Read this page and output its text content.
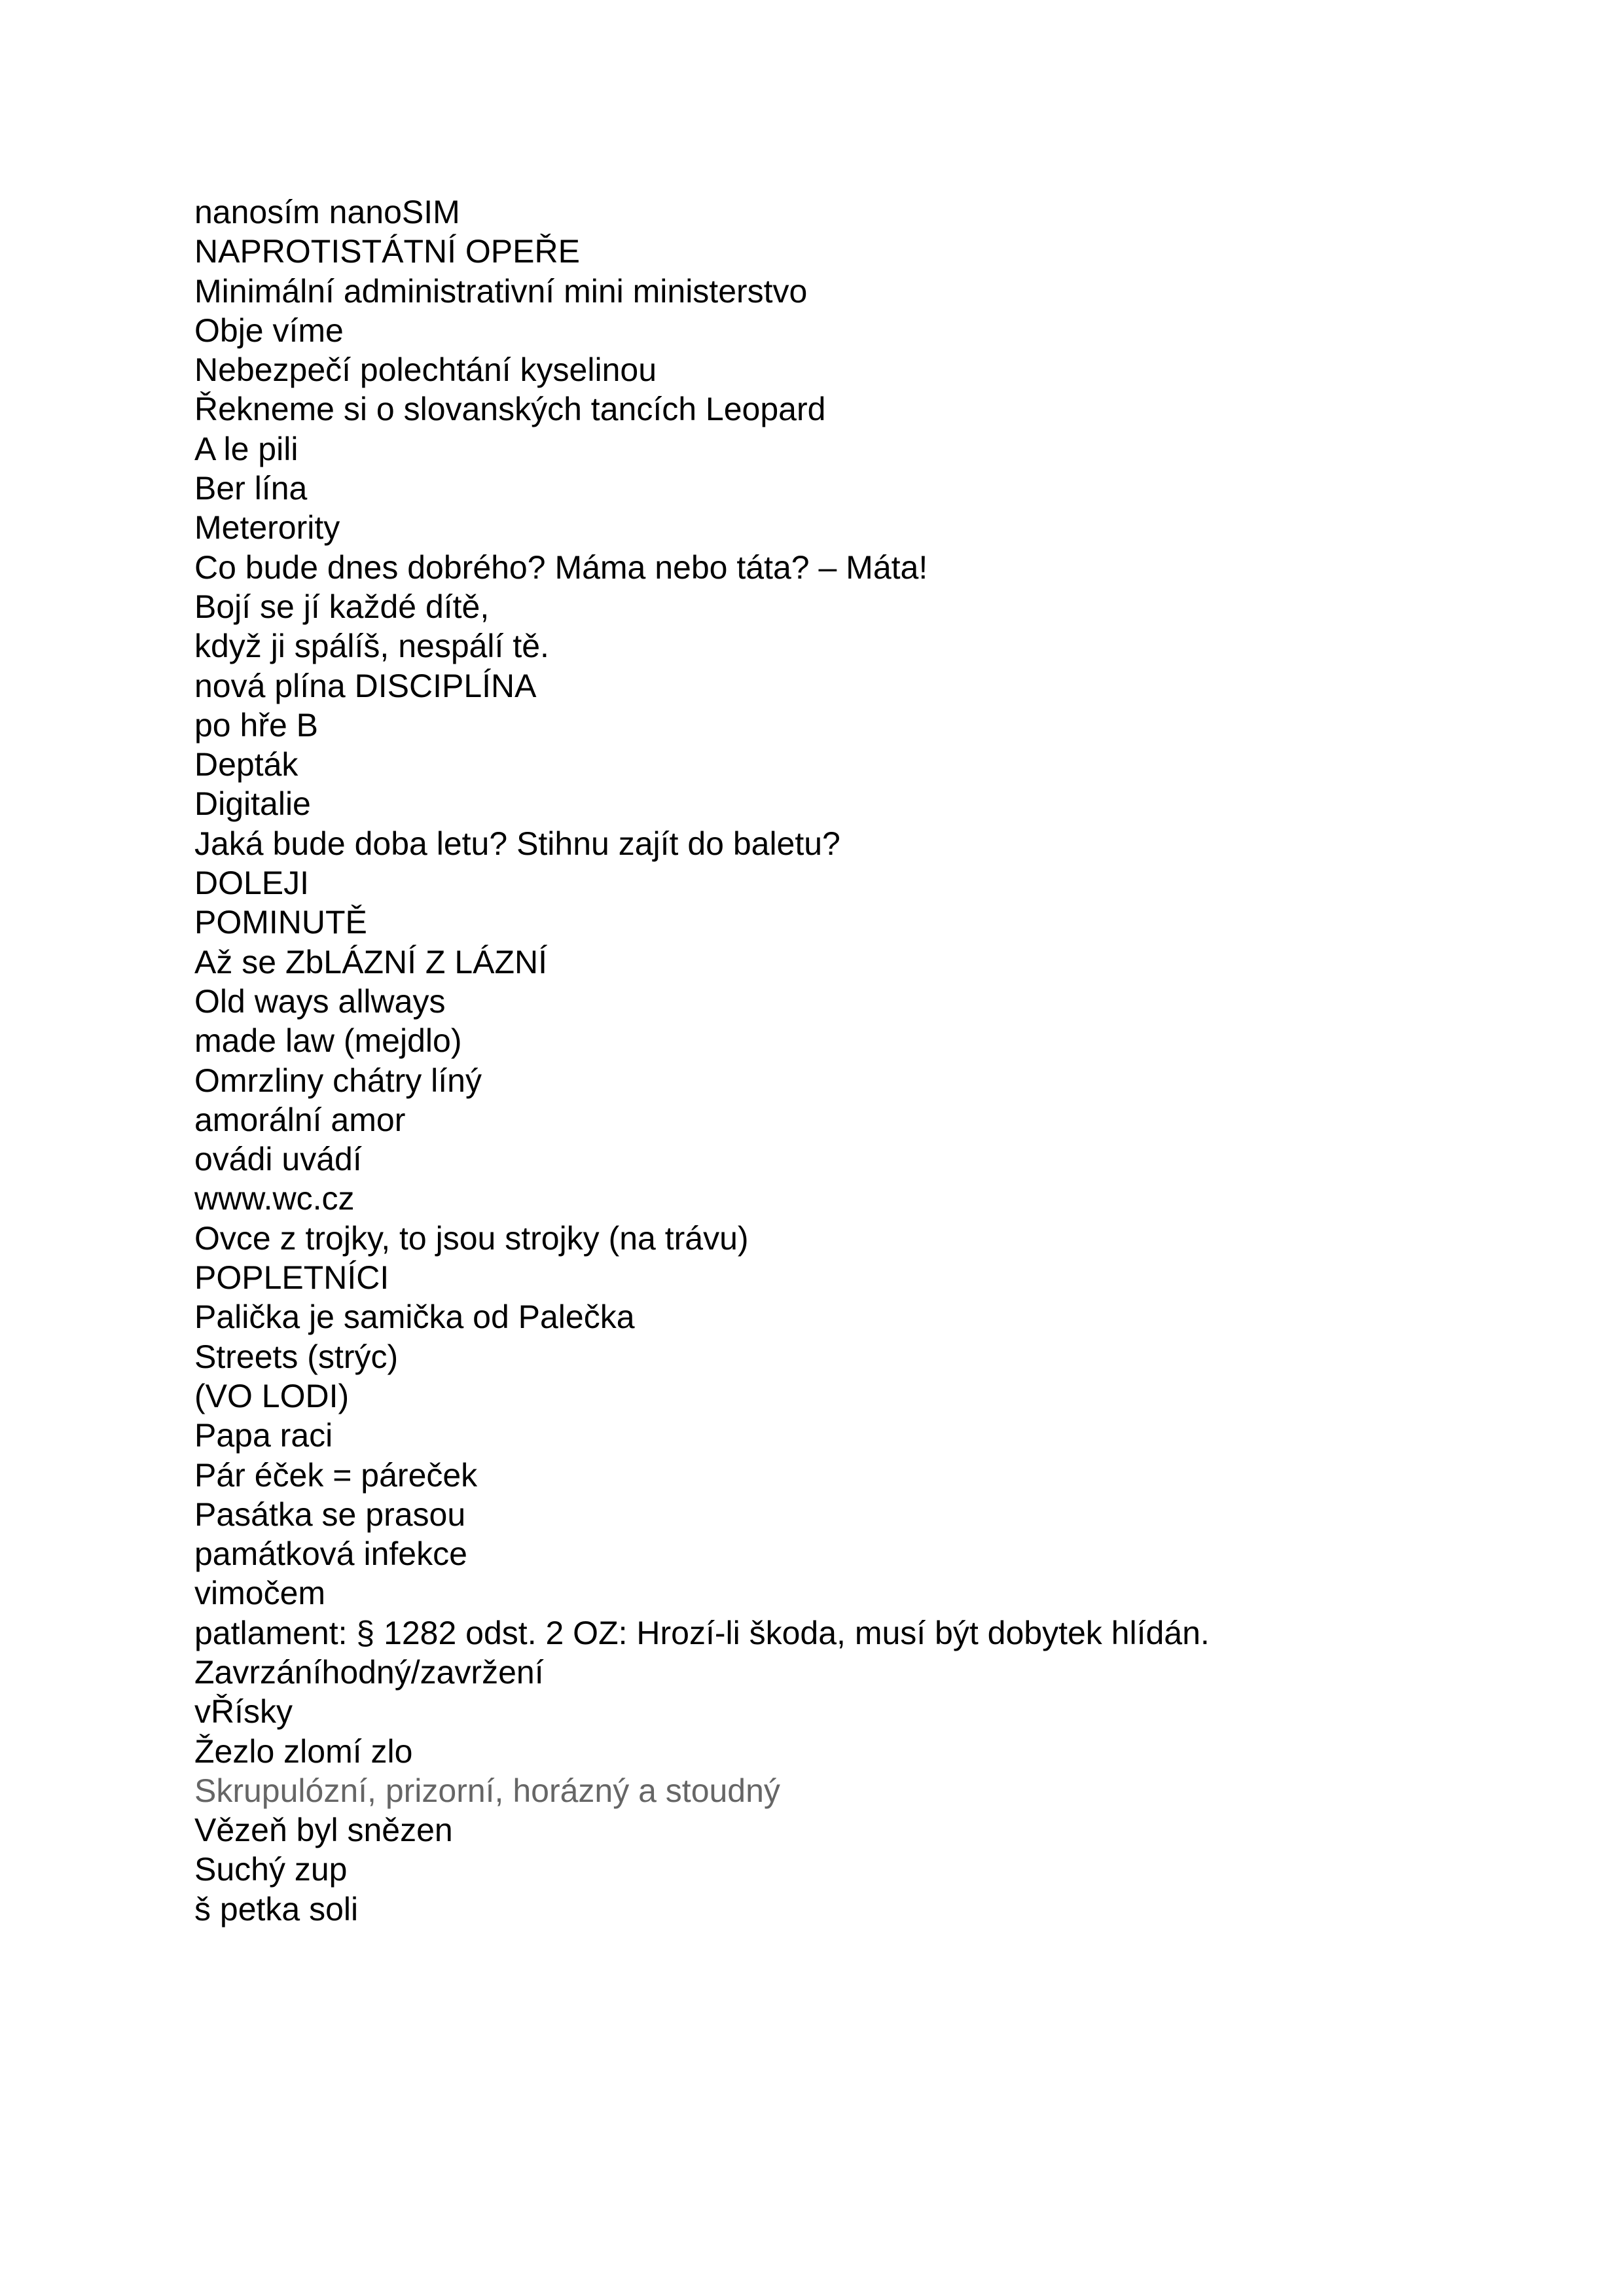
nanosím nanoSIM
NAPROTISTÁTNÍ OPEŘE
Minimální administrativní mini ministerstvo
Obje víme
Nebezpečí polechtání kyselinou
Řekneme si o slovanských tancích Leopard
A le pili
Ber lína
Meterority
Co bude dnes dobrého? Máma nebo táta? – Máta!
Bojí se jí každé dítě,
když ji spálíš, nespálí tě.
nová plína DISCIPLÍNA
po hře B
Depták
Digitalie
Jaká bude doba letu? Stihnu zajít do baletu?
DOLEJI
POMINUTĚ
Až se ZbLÁZNÍ Z LÁZNÍ
Old ways allways
made law (mejdlo)
Omrzliny chátry líný
amorální amor
ovádi uvádí
www.wc.cz
Ovce z trojky, to jsou strojky (na trávu)
POPLETNÍCI
Palička je samička od Palečka
Streets (strýc)
(VO LODI)
Papa raci
Pár éček = páreček
Pasátka se prasou
památková infekce
vimočem
patlament: § 1282 odst. 2 OZ: Hrozí-li škoda, musí být dobytek hlídán.
Zavrzáníhodný/zavržení
vŘísky
Žezlo zlomí zlo
Skrupulózní, prizorní, horázný a stoudný
Vězeň byl snězen
Suchý zup
š petka soli
